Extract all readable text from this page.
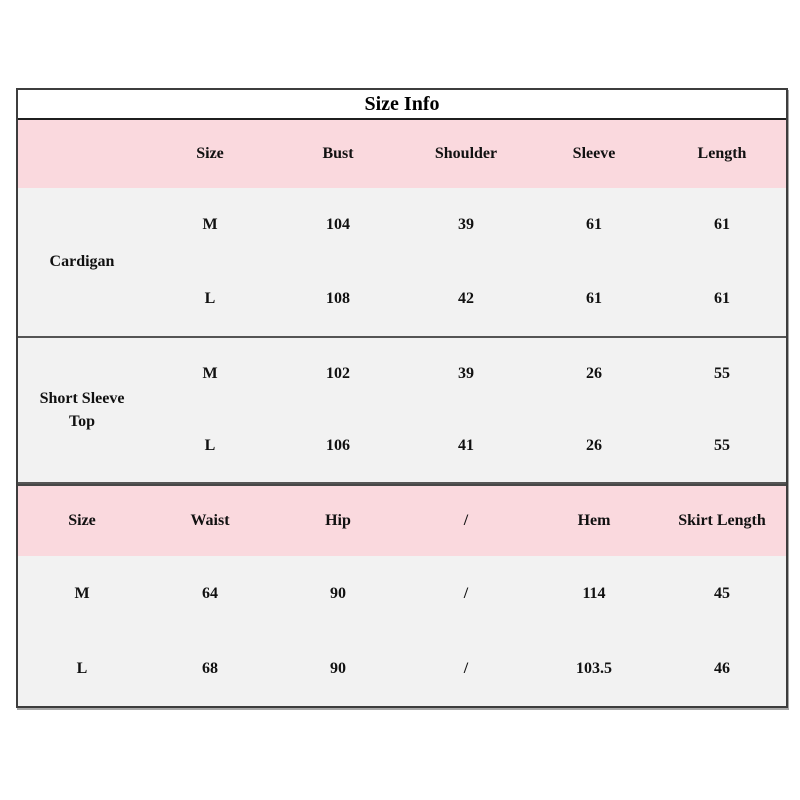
Size Info
Size	Bust	Shoulder	Sleeve	Length
Cardigan
M	104	39	61	61
L	108	42	61	61
Short Sleeve Top
M	102	39	26	55
L	106	41	26	55
Size	Waist	Hip	/	Hem	Skirt Length
M	64	90	/	114	45
L	68	90	/	103.5	46
